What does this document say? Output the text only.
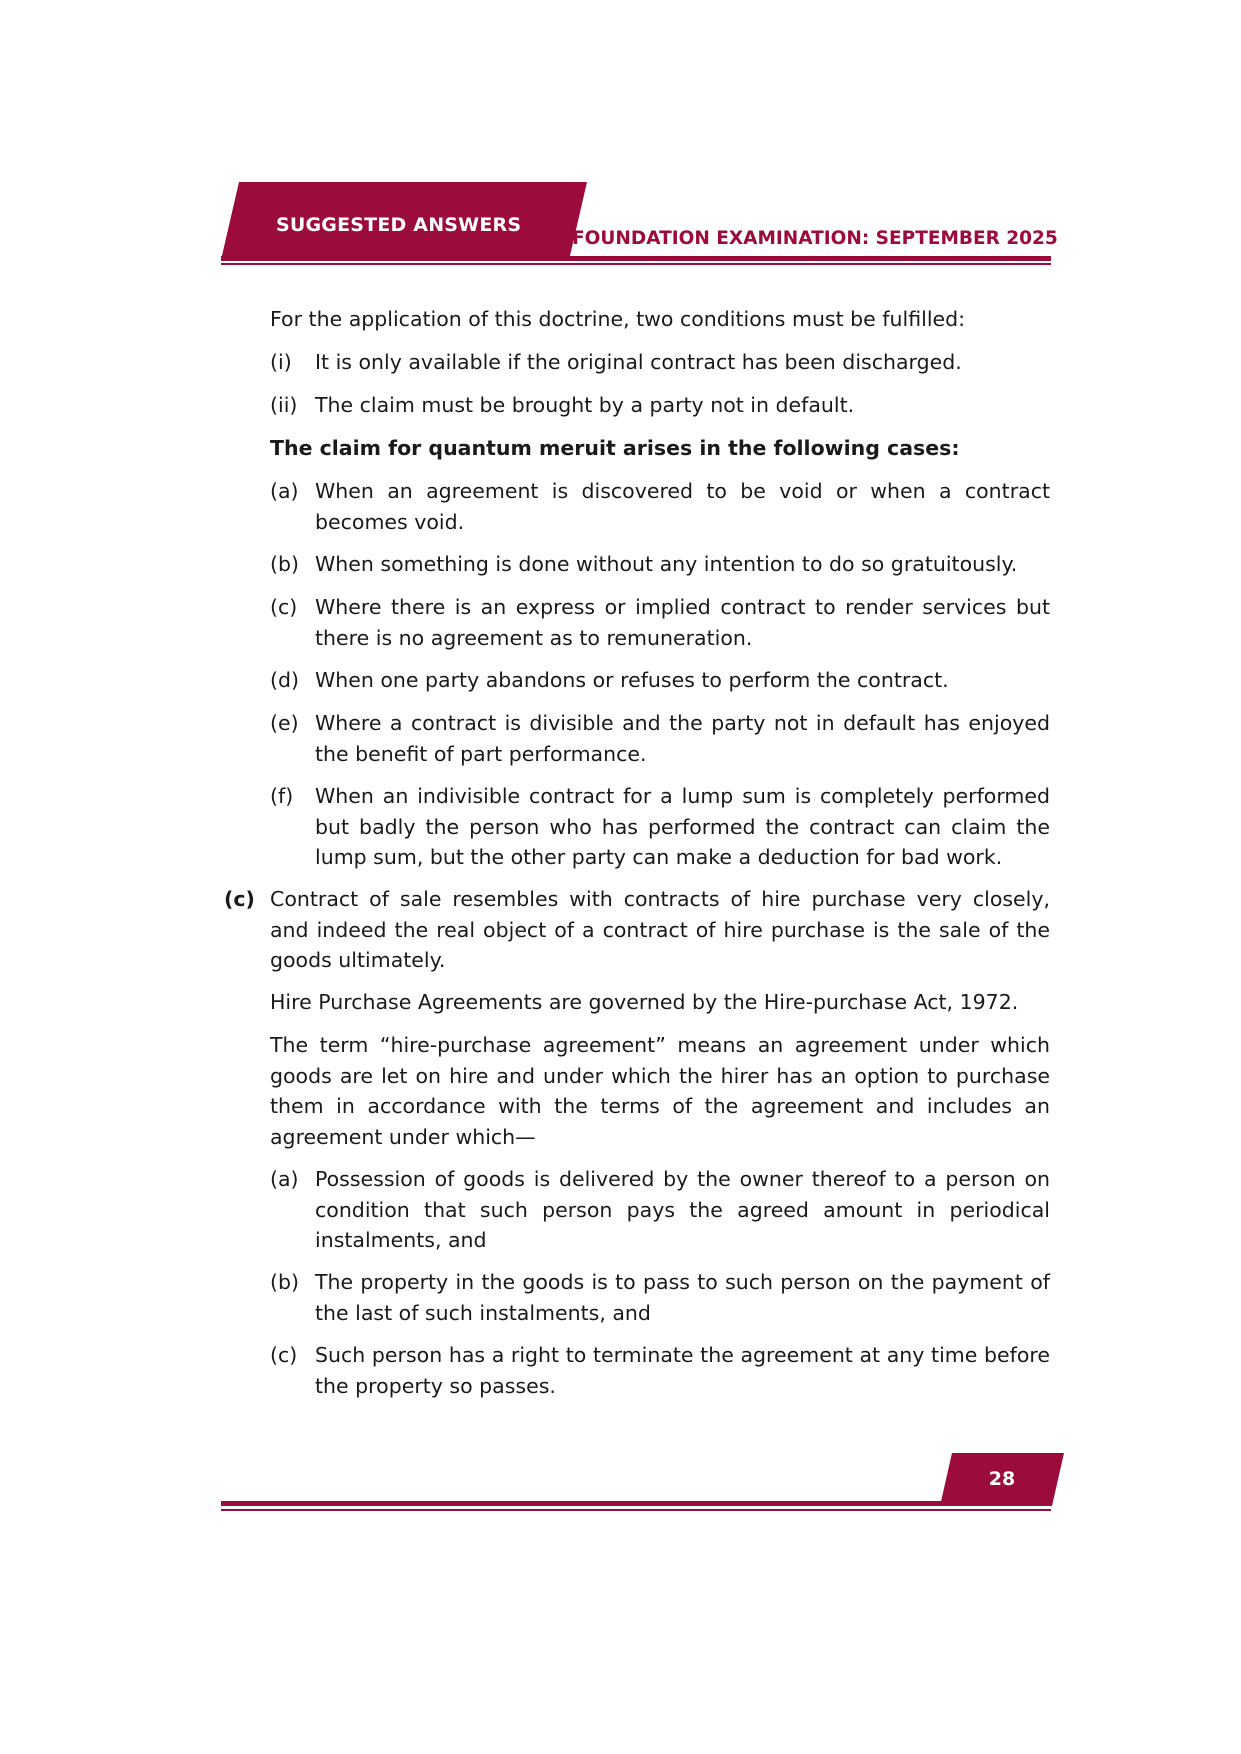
SUGGESTED ANSWERS
FOUNDATION EXAMINATION: SEPTEMBER 2025
For the application of this doctrine, two conditions must be fulfilled:
(i)	It is only available if the original contract has been discharged.
(ii) The claim must be brought by a party not in default.
The claim for quantum meruit arises in the following cases:
(a) When an agreement is discovered to be void or when a contract becomes void.
(b) When something is done without any intention to do so gratuitously.
(c) Where there is an express or implied contract to render services but there is no agreement as to remuneration.
(d) When one party abandons or refuses to perform the contract.
(e) Where a contract is divisible and the party not in default has enjoyed the benefit of part performance.
(f)	When an indivisible contract for a lump sum is completely performed but badly the person who has performed the contract can claim the lump sum, but the other party can make a deduction for bad work.
(c) Contract of sale resembles with contracts of hire purchase very closely, and indeed the real object of a contract of hire purchase is the sale of the goods ultimately.
Hire Purchase Agreements are governed by the Hire-purchase Act, 1972.
The term “hire-purchase agreement” means an agreement under which goods are let on hire and under which the hirer has an option to purchase them in accordance with the terms of the agreement and includes an agreement under which—
(a) Possession of goods is delivered by the owner thereof to a person on condition that such person pays the agreed amount in periodical instalments, and
(b) The property in the goods is to pass to such person on the payment of the last of such instalments, and
(c) Such person has a right to terminate the agreement at any time before the property so passes.
28
